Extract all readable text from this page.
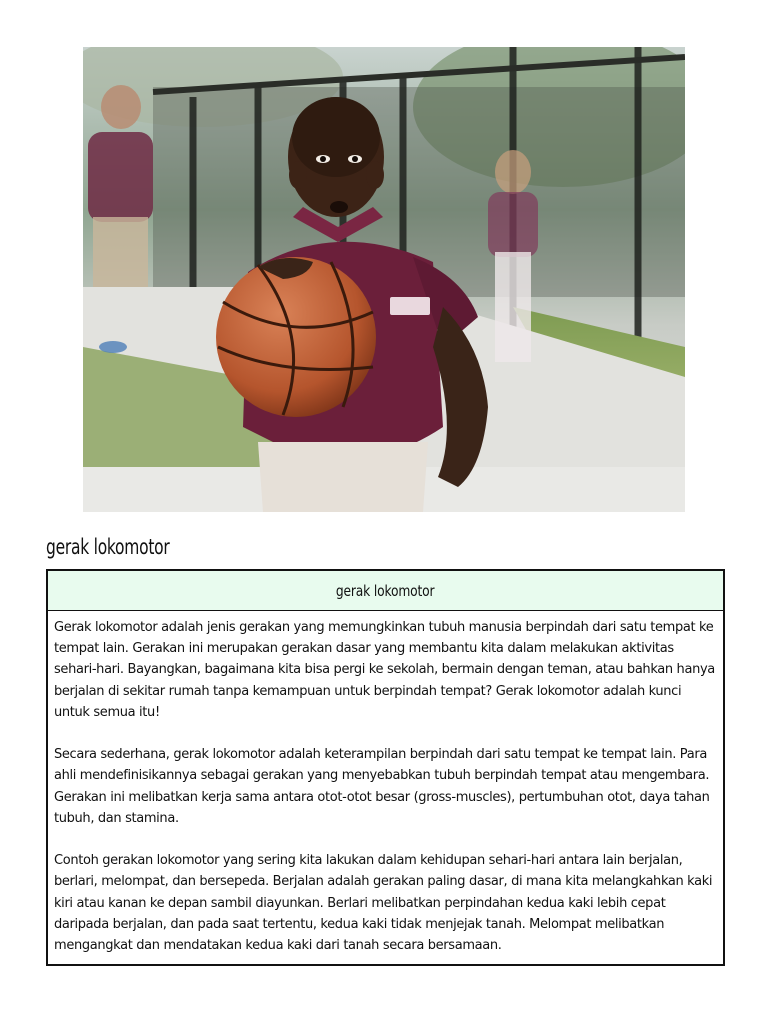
gerak lokomotor
gerak lokomotor

Gerak lokomotor adalah jenis gerakan yang memungkinkan tubuh manusia berpindah dari satu tempat ke tempat lain. Gerakan ini merupakan gerakan dasar yang membantu kita dalam melakukan aktivitas sehari-hari. Bayangkan, bagaimana kita bisa pergi ke sekolah, bermain dengan teman, atau bahkan hanya berjalan di sekitar rumah tanpa kemampuan untuk berpindah tempat? Gerak lokomotor adalah kunci untuk semua itu!

Secara sederhana, gerak lokomotor adalah keterampilan berpindah dari satu tempat ke tempat lain. Para ahli mendefinisikannya sebagai gerakan yang menyebabkan tubuh berpindah tempat atau mengembara. Gerakan ini melibatkan kerja sama antara otot-otot besar (gross-muscles), pertumbuhan otot, daya tahan tubuh, dan stamina.

Contoh gerakan lokomotor yang sering kita lakukan dalam kehidupan sehari-hari antara lain berjalan, berlari, melompat, dan bersepeda. Berjalan adalah gerakan paling dasar, di mana kita melangkahkan kaki kiri atau kanan ke depan sambil diayunkan. Berlari melibatkan perpindahan kedua kaki lebih cepat daripada berjalan, dan pada saat tertentu, kedua kaki tidak menjejak tanah. Melompat melibatkan mengangkat dan mendatakan kedua kaki dari tanah secara bersamaan.
